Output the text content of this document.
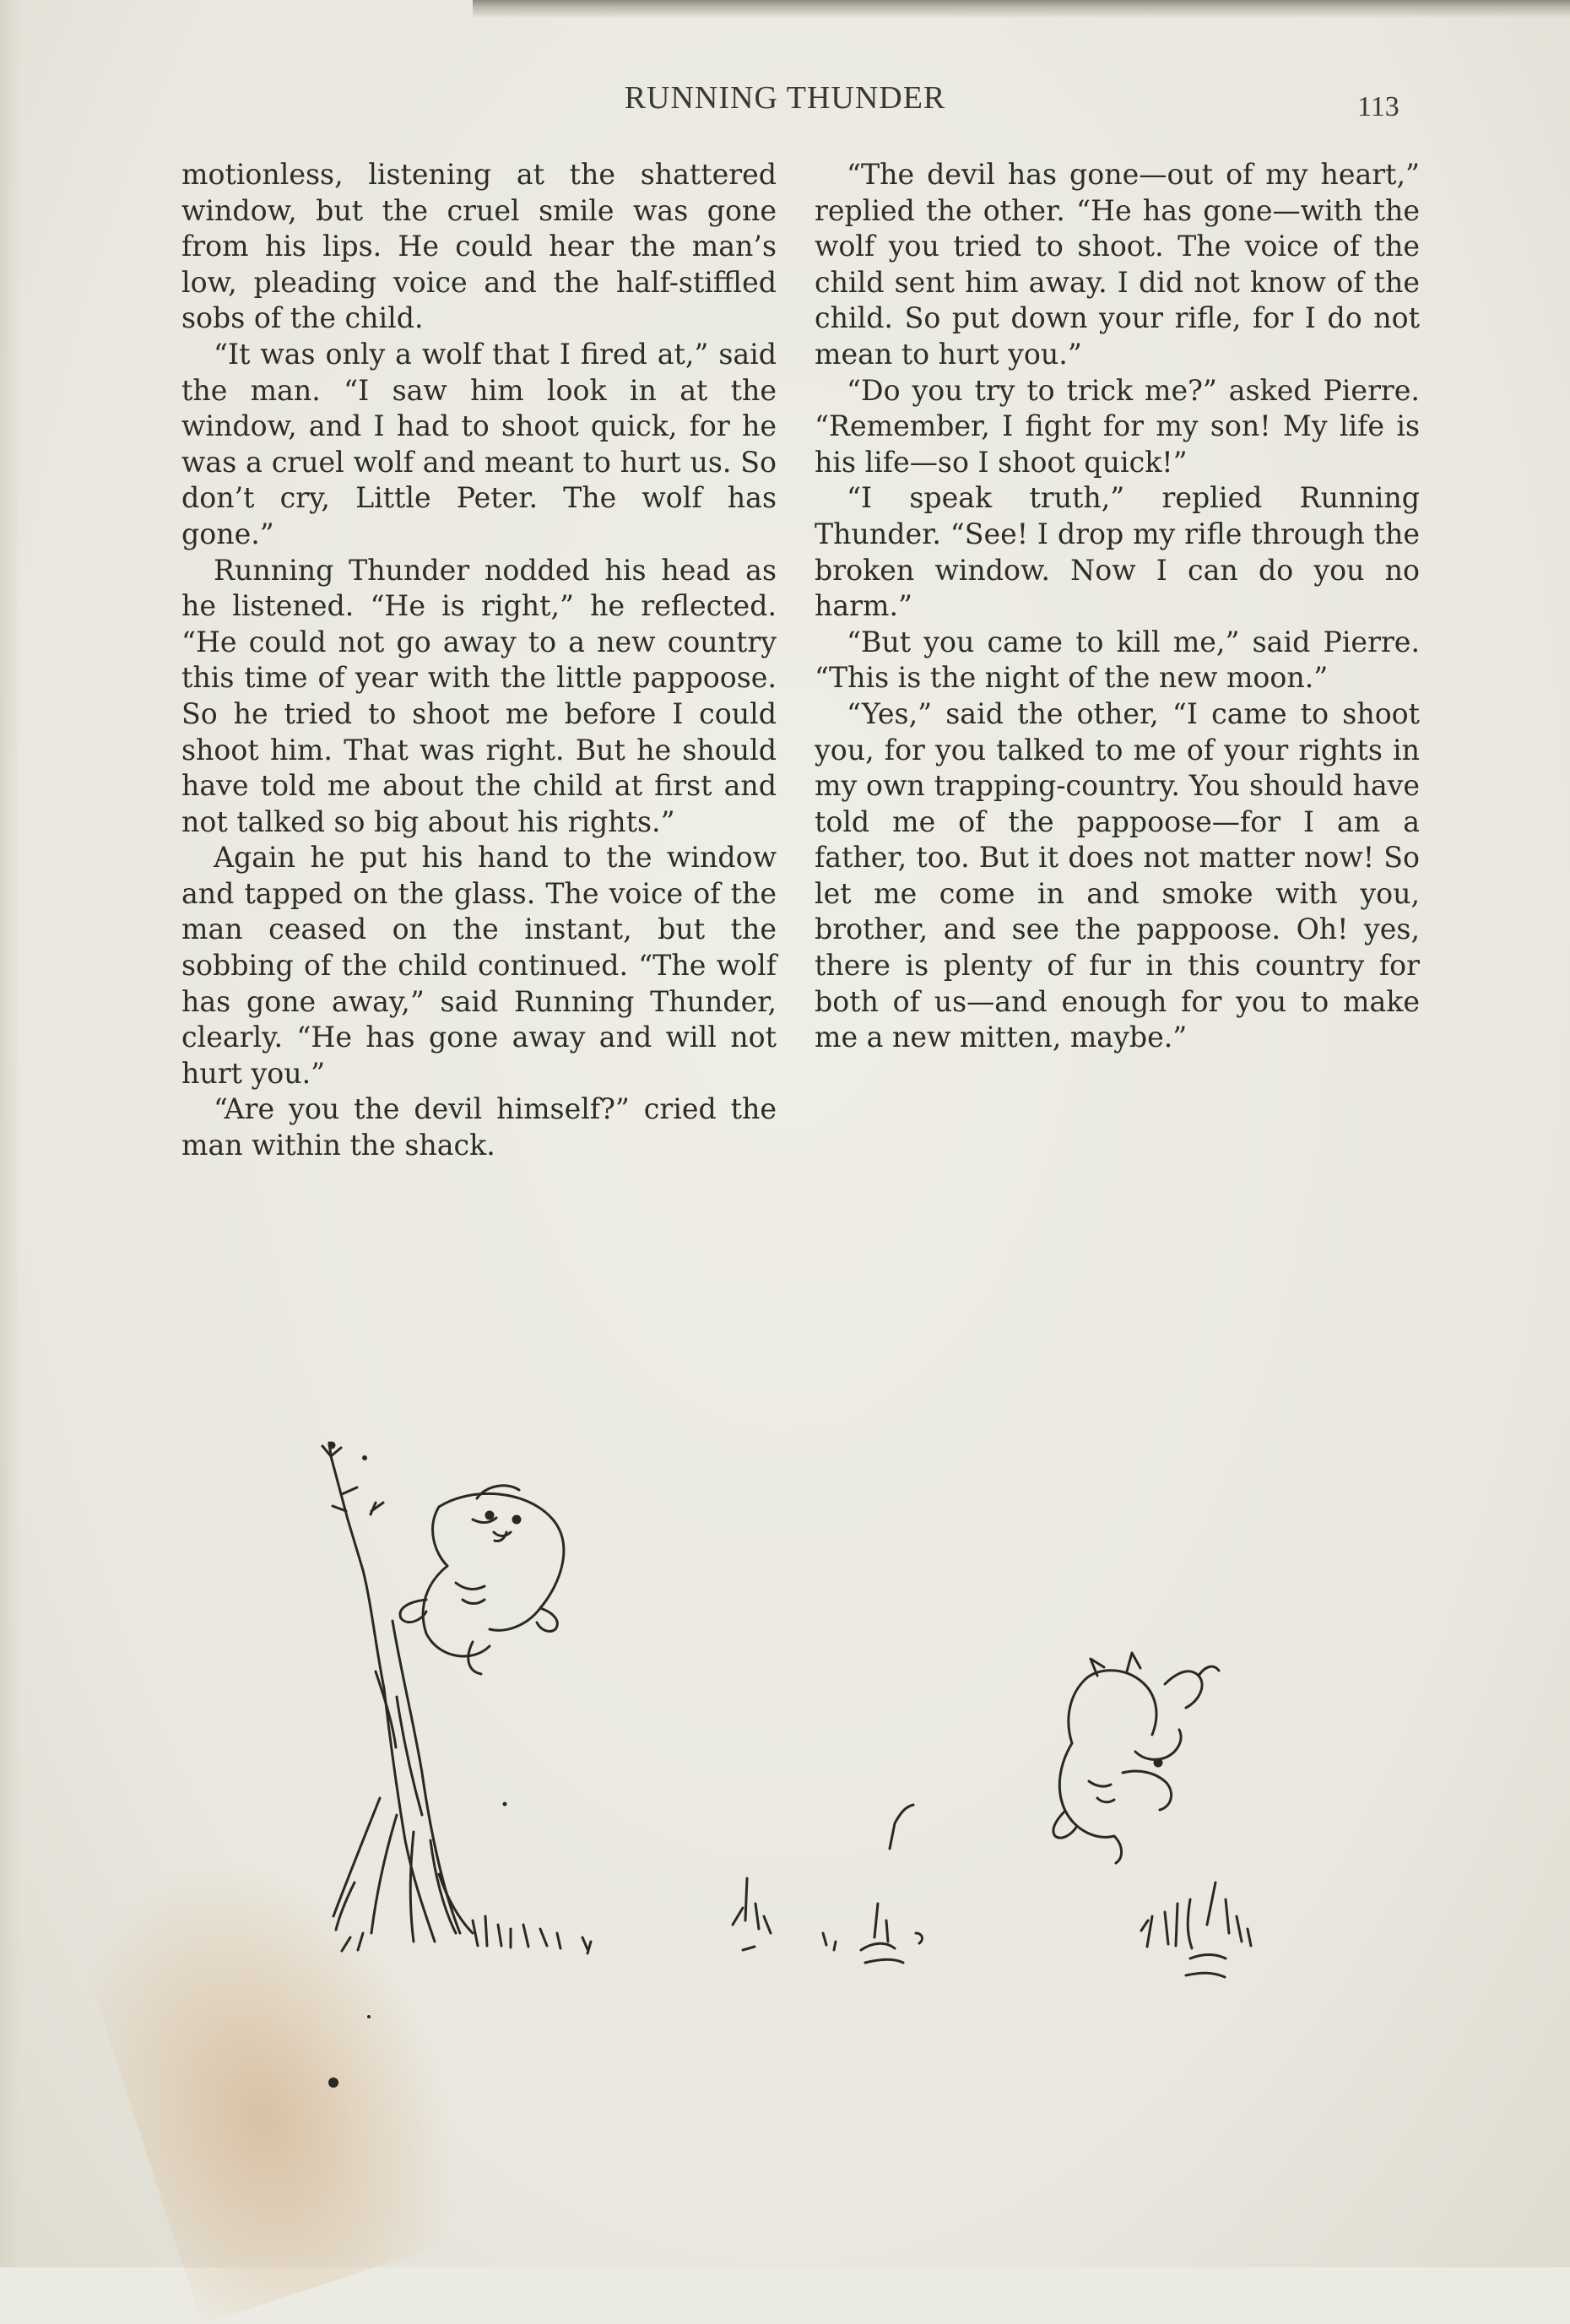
RUNNING THUNDER	113

motionless, listening at the shattered window, but the cruel smile was gone from his lips. He could hear the man’s low, pleading voice and the half-stiffled sobs of the child.

“It was only a wolf that I fired at,” said the man. “I saw him look in at the window, and I had to shoot quick, for he was a cruel wolf and meant to hurt us. So don’t cry, Little Peter. The wolf has gone.”

Running Thunder nodded his head as he listened. “He is right,” he reflected. “He could not go away to a new country this time of year with the little pappoose. So he tried to shoot me before I could shoot him. That was right. But he should have told me about the child at first and not talked so big about his rights.”

Again he put his hand to the window and tapped on the glass. The voice of the man ceased on the instant, but the sobbing of the child continued. “The wolf has gone away,” said Running Thunder, clearly. “He has gone away and will not hurt you.”

“Are you the devil himself?” cried the man within the shack.

“The devil has gone—out of my heart,” replied the other. “He has gone—with the wolf you tried to shoot. The voice of the child sent him away. I did not know of the child. So put down your rifle, for I do not mean to hurt you.”

“Do you try to trick me?” asked Pierre. “Remember, I fight for my son! My life is his life—so I shoot quick!”

“I speak truth,” replied Running Thunder. “See! I drop my rifle through the broken window. Now I can do you no harm.”

“But you came to kill me,” said Pierre. “This is the night of the new moon.”

“Yes,” said the other, “I came to shoot you, for you talked to me of your rights in my own trapping-country. You should have told me of the pappoose—for I am a father, too. But it does not matter now! So let me come in and smoke with you, brother, and see the pappoose. Oh! yes, there is plenty of fur in this country for both of us—and enough for you to make me a new mitten, maybe.”
